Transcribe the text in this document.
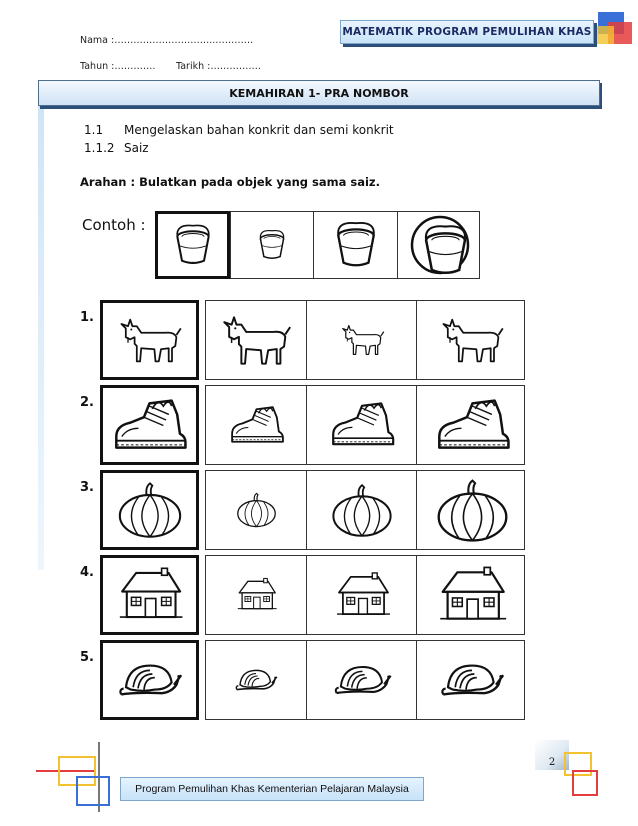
MATEMATIK PROGRAM PEMULIHAN KHAS
Nama :…………………………..…………
Tahun :…………. Tarikh :…………….
KEMAHIRAN 1- PRA NOMBOR
1.1 Mengelaskan bahan konkrit dan semi konkrit
1.1.2 Saiz
Arahan : Bulatkan pada objek yang sama saiz.
Contoh :
1.
2.
3.
4.
5.
2
Program Pemulihan Khas Kementerian Pelajaran Malaysia
